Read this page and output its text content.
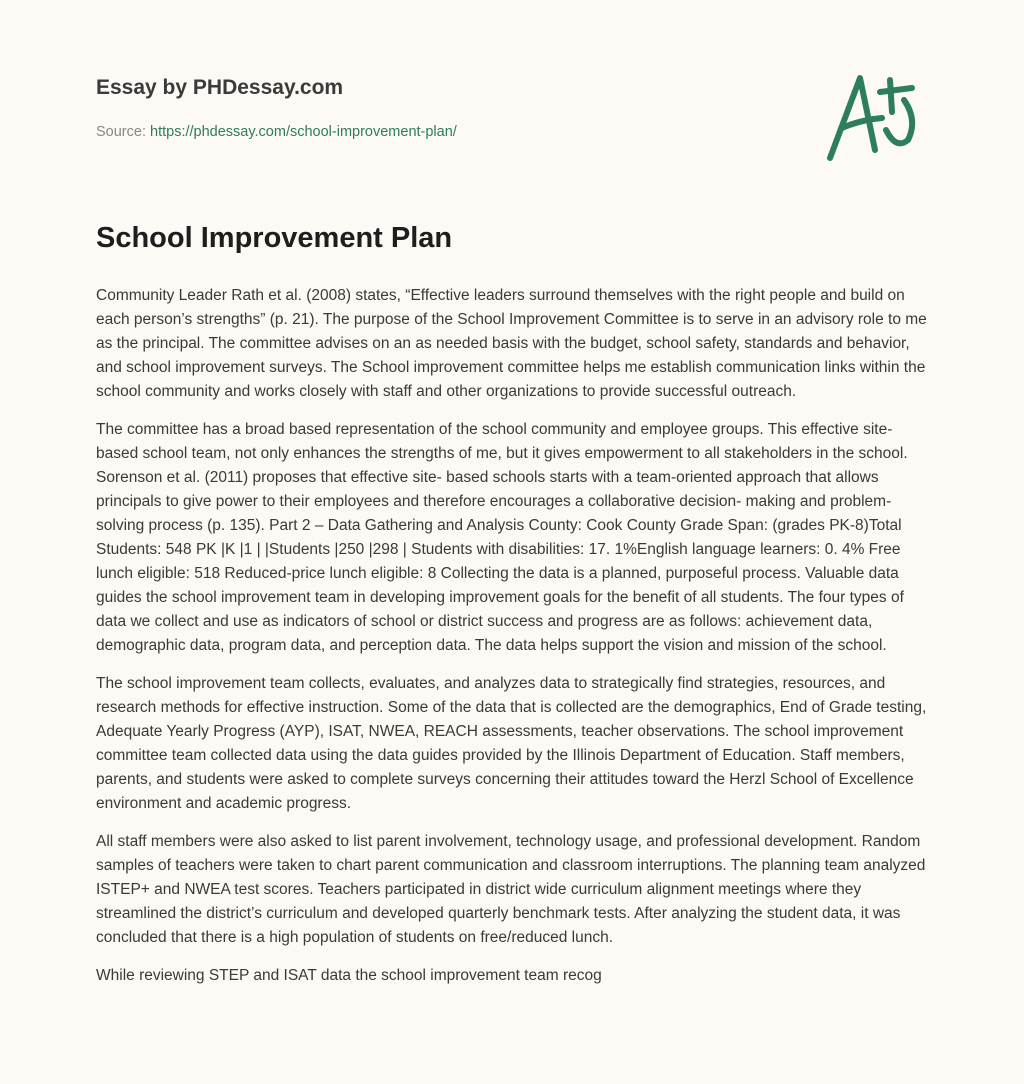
Essay by PHDessay.com
Source: https://phdessay.com/school-improvement-plan/
School Improvement Plan

Community Leader Rath et al. (2008) states, “Effective leaders surround themselves with the right people and build on each person’s strengths” (p. 21). The purpose of the School Improvement Committee is to serve in an advisory role to me as the principal. The committee advises on an as needed basis with the budget, school safety, standards and behavior, and school improvement surveys. The School improvement committee helps me establish communication links within the school community and works closely with staff and other organizations to provide successful outreach.

The committee has a broad based representation of the school community and employee groups. This effective site- based school team, not only enhances the strengths of me, but it gives empowerment to all stakeholders in the school. Sorenson et al. (2011) proposes that effective site- based schools starts with a team-oriented approach that allows principals to give power to their employees and therefore encourages a collaborative decision- making and problem-solving process (p. 135). Part 2 – Data Gathering and Analysis County: Cook County Grade Span: (grades PK-8)Total Students: 548 PK |K |1 | |Students |250 |298 | Students with disabilities: 17. 1%English language learners: 0. 4% Free lunch eligible: 518 Reduced-price lunch eligible: 8 Collecting the data is a planned, purposeful process. Valuable data guides the school improvement team in developing improvement goals for the benefit of all students. The four types of data we collect and use as indicators of school or district success and progress are as follows: achievement data, demographic data, program data, and perception data. The data helps support the vision and mission of the school.

The school improvement team collects, evaluates, and analyzes data to strategically find strategies, resources, and research methods for effective instruction. Some of the data that is collected are the demographics, End of Grade testing, Adequate Yearly Progress (AYP), ISAT, NWEA, REACH assessments, teacher observations. The school improvement committee team collected data using the data guides provided by the Illinois Department of Education. Staff members, parents, and students were asked to complete surveys concerning their attitudes toward the Herzl School of Excellence environment and academic progress.

All staff members were also asked to list parent involvement, technology usage, and professional development. Random samples of teachers were taken to chart parent communication and classroom interruptions. The planning team analyzed ISTEP+ and NWEA test scores. Teachers participated in district wide curriculum alignment meetings where they streamlined the district’s curriculum and developed quarterly benchmark tests. After analyzing the student data, it was concluded that there is a high population of students on free/reduced lunch.

While reviewing STEP and ISAT data the school improvement team recog
